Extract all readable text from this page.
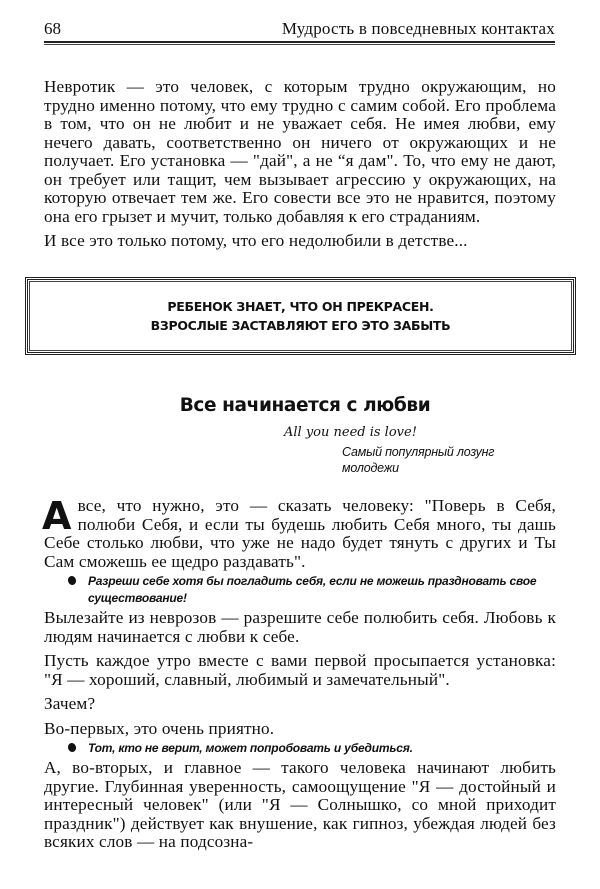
68	Мудрость в повседневных контактах

Невротик — это человек, с которым трудно окружающим, но трудно именно потому, что ему трудно с самим собой. Его проблема в том, что он не любит и не уважает себя. Не имея любви, ему нечего давать, соответственно он ничего от окружающих и не получает. Его установка — "дай", а не “я дам". То, что ему не дают, он требует или тащит, чем вызывает агрессию у окружающих, на которую отвечает тем же. Его совести все это не нравится, поэтому она его грызет и мучит, только добавляя к его страданиям.

И все это только потому, что его недолюбили в детстве...

РЕБЕНОК ЗНАЕТ, ЧТО ОН ПРЕКРАСЕН.
ВЗРОСЛЫЕ ЗАСТАВЛЯЮТ ЕГО ЭТО ЗАБЫТЬ
Все начинается с любви
All you need is love!
Самый популярный лозунг молодежи

А все, что нужно, это — сказать человеку: "Поверь в Себя, полюби Себя, и если ты будешь любить Себя много, ты дашь Себе столько любви, что уже не надо будет тянуть с других и Ты Сам сможешь ее щедро раздавать".

Разреши себе хотя бы погладить себя, если не можешь праздновать свое существование!

Вылезайте из неврозов — разрешите себе полюбить себя. Любовь к людям начинается с любви к себе.

Пусть каждое утро вместе с вами первой просыпается установка: "Я — хороший, славный, любимый и замечательный".

Зачем?

Во-первых, это очень приятно.

Тот, кто не верит, может попробовать и убедиться.

А, во-вторых, и главное — такого человека начинают любить другие. Глубинная уверенность, самоощущение "Я — достойный и интересный человек" (или "Я — Солнышко, со мной приходит праздник") действует как внушение, как гипноз, убеждая людей без всяких слов — на подсозна-
